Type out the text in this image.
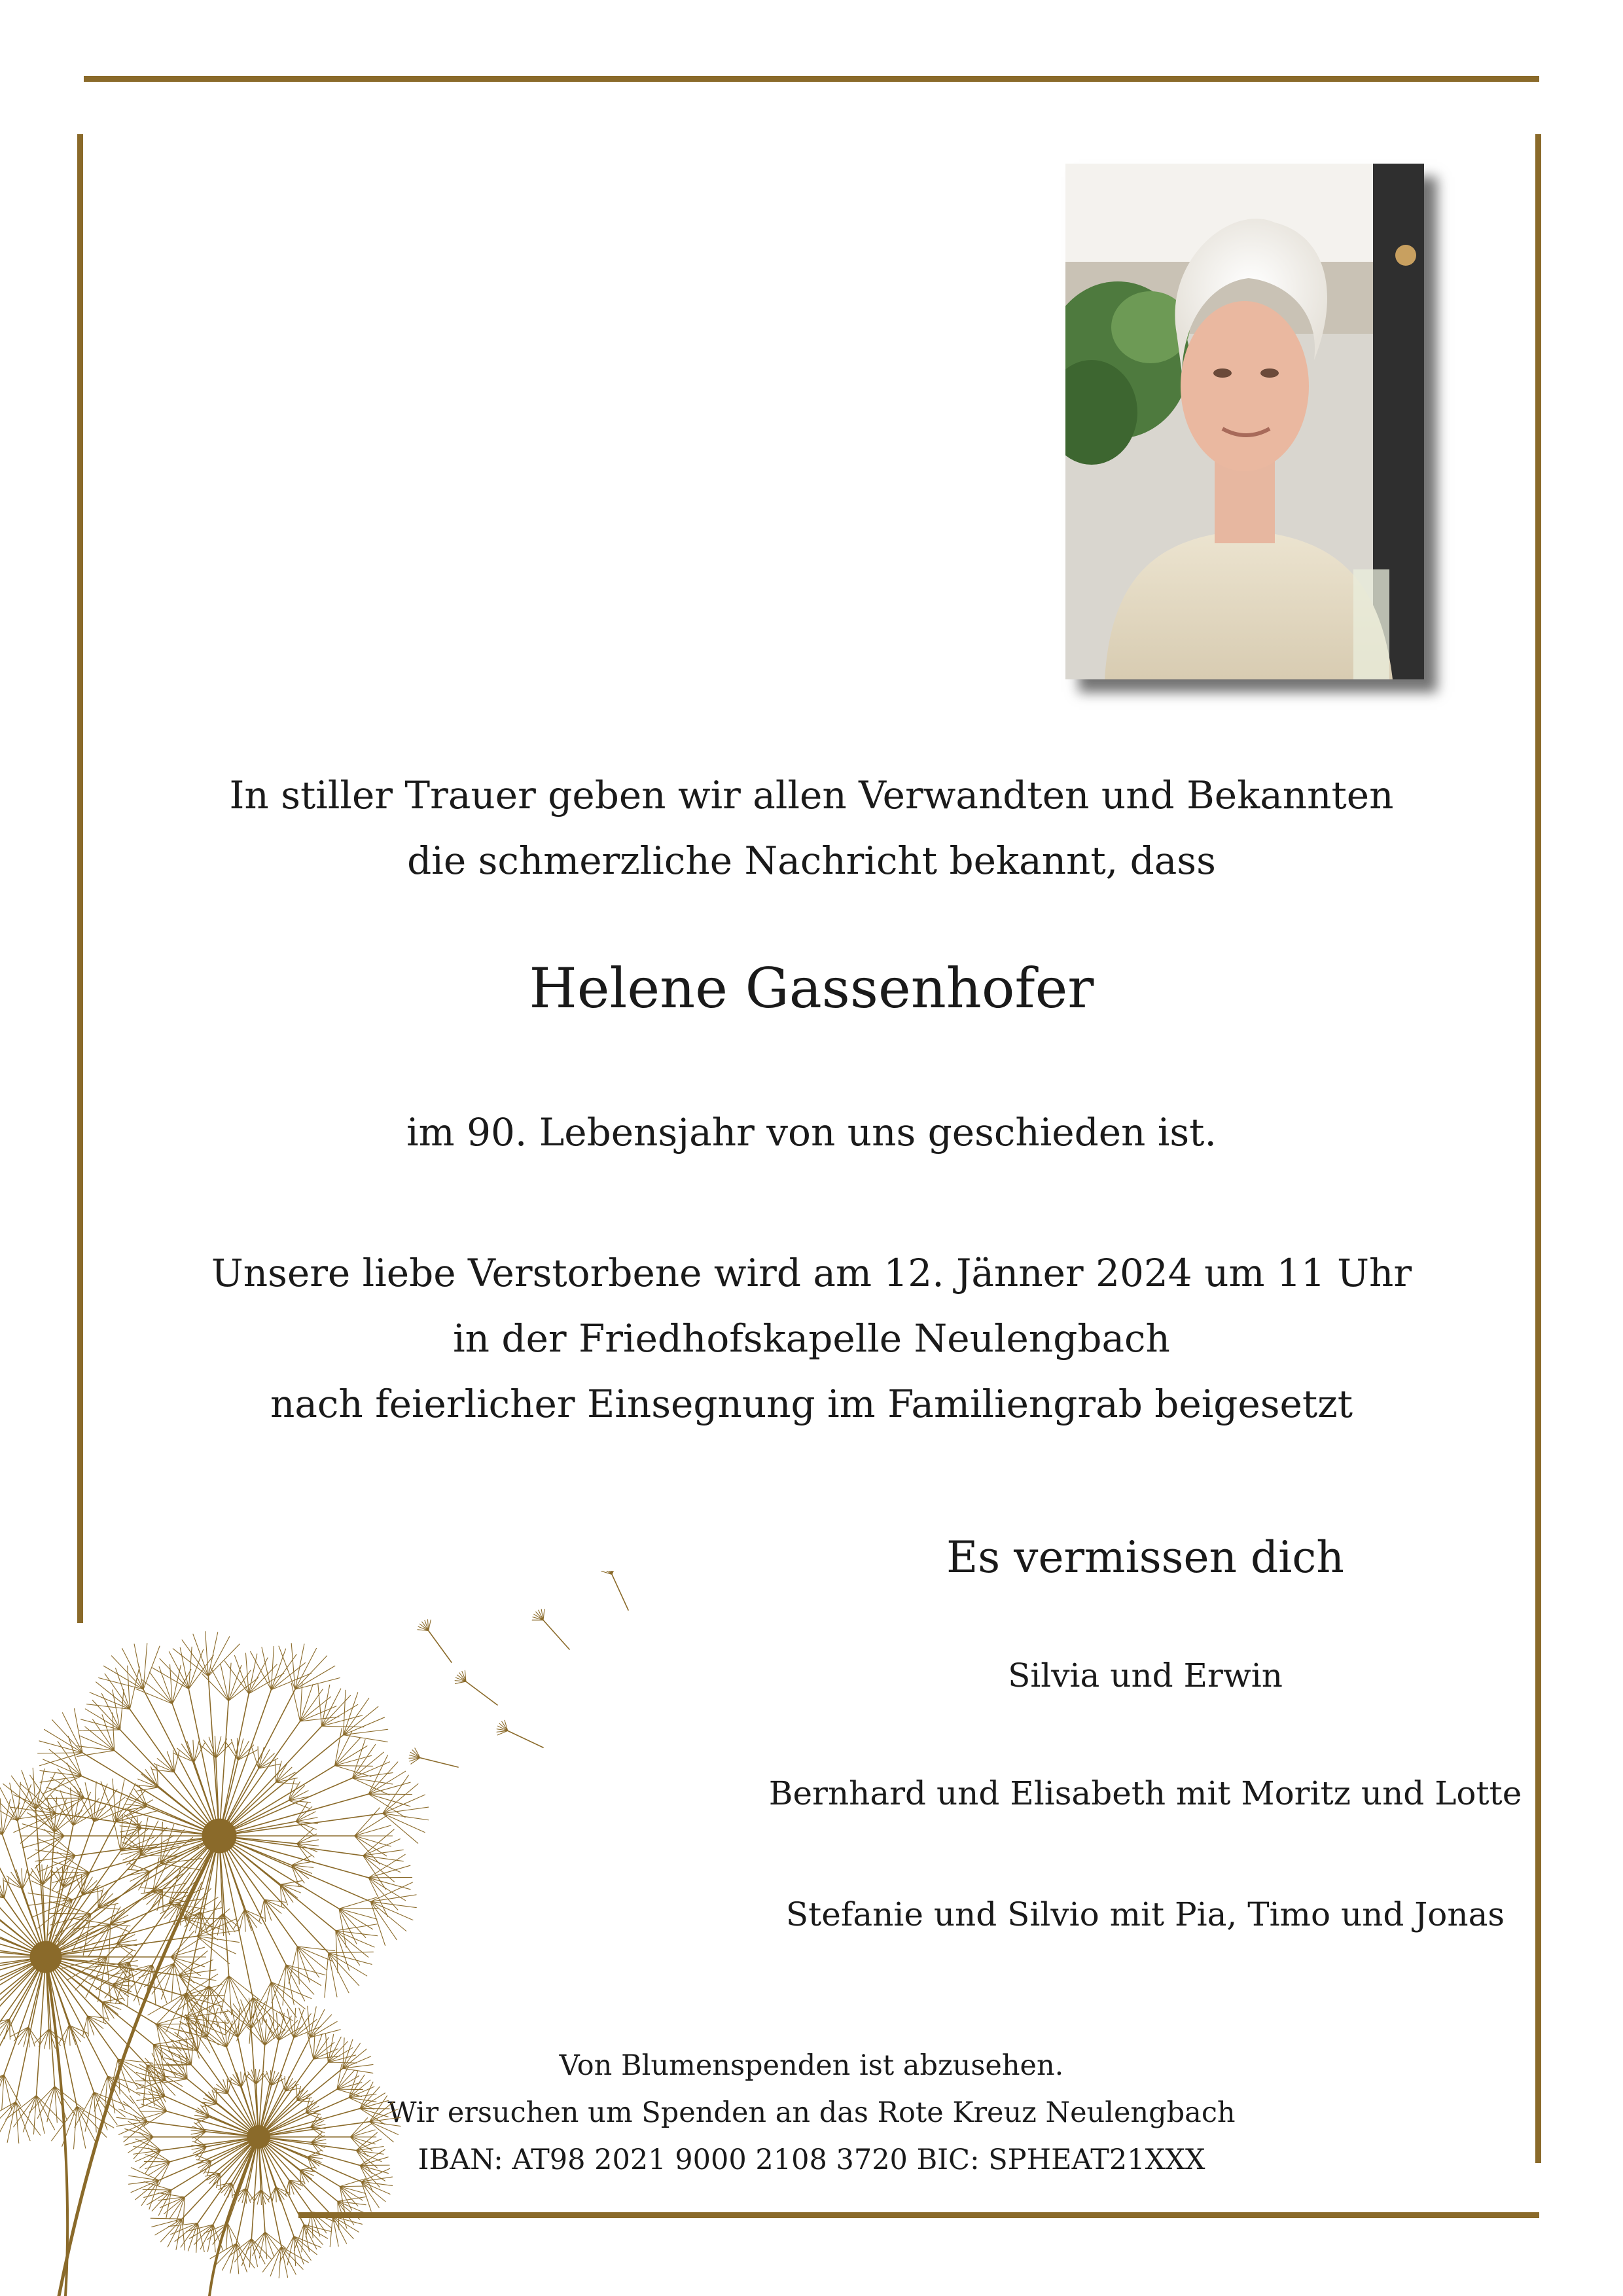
In stiller Trauer geben wir allen Verwandten und Bekannten
die schmerzliche Nachricht bekannt, dass
Helene Gassenhofer
im 90. Lebensjahr von uns geschieden ist.
Unsere liebe Verstorbene wird am 12. Jänner 2024 um 11 Uhr
in der Friedhofskapelle Neulengbach
nach feierlicher Einsegnung im Familiengrab beigesetzt
Es vermissen dich
Silvia und Erwin
Bernhard und Elisabeth mit Moritz und Lotte
Stefanie und Silvio mit Pia, Timo und Jonas
Von Blumenspenden ist abzusehen.
Wir ersuchen um Spenden an das Rote Kreuz Neulengbach
IBAN: AT98 2021 9000 2108 3720 BIC: SPHEAT21XXX
